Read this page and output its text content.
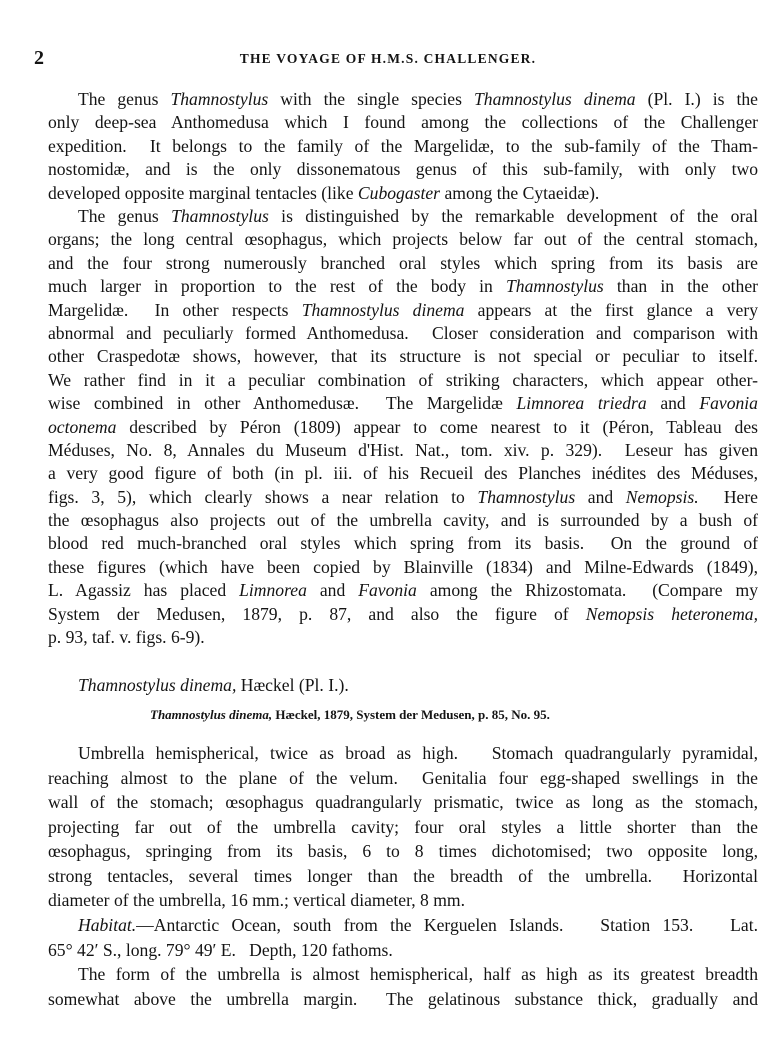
2	THE VOYAGE OF H.M.S. CHALLENGER.
The genus Thamnostylus with the single species Thamnostylus dinema (Pl. I.) is the
only deep-sea Anthomedusa which I found among the collections of the Challenger
expedition.  It belongs to the family of the Margelidæ, to the sub-family of the Tham-
nostomidæ, and is the only dissonematous genus of this sub-family, with only two
developed opposite marginal tentacles (like Cubogaster among the Cytaeidæ).
The genus Thamnostylus is distinguished by the remarkable development of the oral
organs; the long central œsophagus, which projects below far out of the central stomach,
and the four strong numerously branched oral styles which spring from its basis are
much larger in proportion to the rest of the body in Thamnostylus than in the other
Margelidæ.  In other respects Thamnostylus dinema appears at the first glance a very
abnormal and peculiarly formed Anthomedusa.  Closer consideration and comparison with
other Craspedotæ shows, however, that its structure is not special or peculiar to itself.
We rather find in it a peculiar combination of striking characters, which appear other-
wise combined in other Anthomedusæ.  The Margelidæ Limnorea triedra and Favonia
octonema described by Péron (1809) appear to come nearest to it (Péron, Tableau des
Méduses, No. 8, Annales du Museum d'Hist. Nat., tom. xiv. p. 329).  Leseur has given
a very good figure of both (in pl. iii. of his Recueil des Planches inédites des Méduses,
figs. 3, 5), which clearly shows a near relation to Thamnostylus and Nemopsis.  Here
the œsophagus also projects out of the umbrella cavity, and is surrounded by a bush of
blood red much-branched oral styles which spring from its basis.  On the ground of
these figures (which have been copied by Blainville (1834) and Milne-Edwards (1849),
L. Agassiz has placed Limnorea and Favonia among the Rhizostomata.  (Compare my
System der Medusen, 1879, p. 87, and also the figure of Nemopsis heteronema,
p. 93, taf. v. figs. 6-9).
Thamnostylus dinema, Hæckel (Pl. I.).
Thamnostylus dinema, Hæckel, 1879, System der Medusen, p. 85, No. 95.
Umbrella hemispherical, twice as broad as high.   Stomach quadrangularly pyramidal,
reaching almost to the plane of the velum.  Genitalia four egg-shaped swellings in the
wall of the stomach; œsophagus quadrangularly prismatic, twice as long as the stomach,
projecting far out of the umbrella cavity; four oral styles a little shorter than the
œsophagus, springing from its basis, 6 to 8 times dichotomised; two opposite long,
strong tentacles, several times longer than the breadth of the umbrella.  Horizontal
diameter of the umbrella, 16 mm.; vertical diameter, 8 mm.
Habitat.—Antarctic Ocean, south from the Kerguelen Islands.   Station 153.   Lat.
65° 42′ S., long. 79° 49′ E.   Depth, 120 fathoms.
The form of the umbrella is almost hemispherical, half as high as its greatest breadth
somewhat above the umbrella margin.  The gelatinous substance thick, gradually and
